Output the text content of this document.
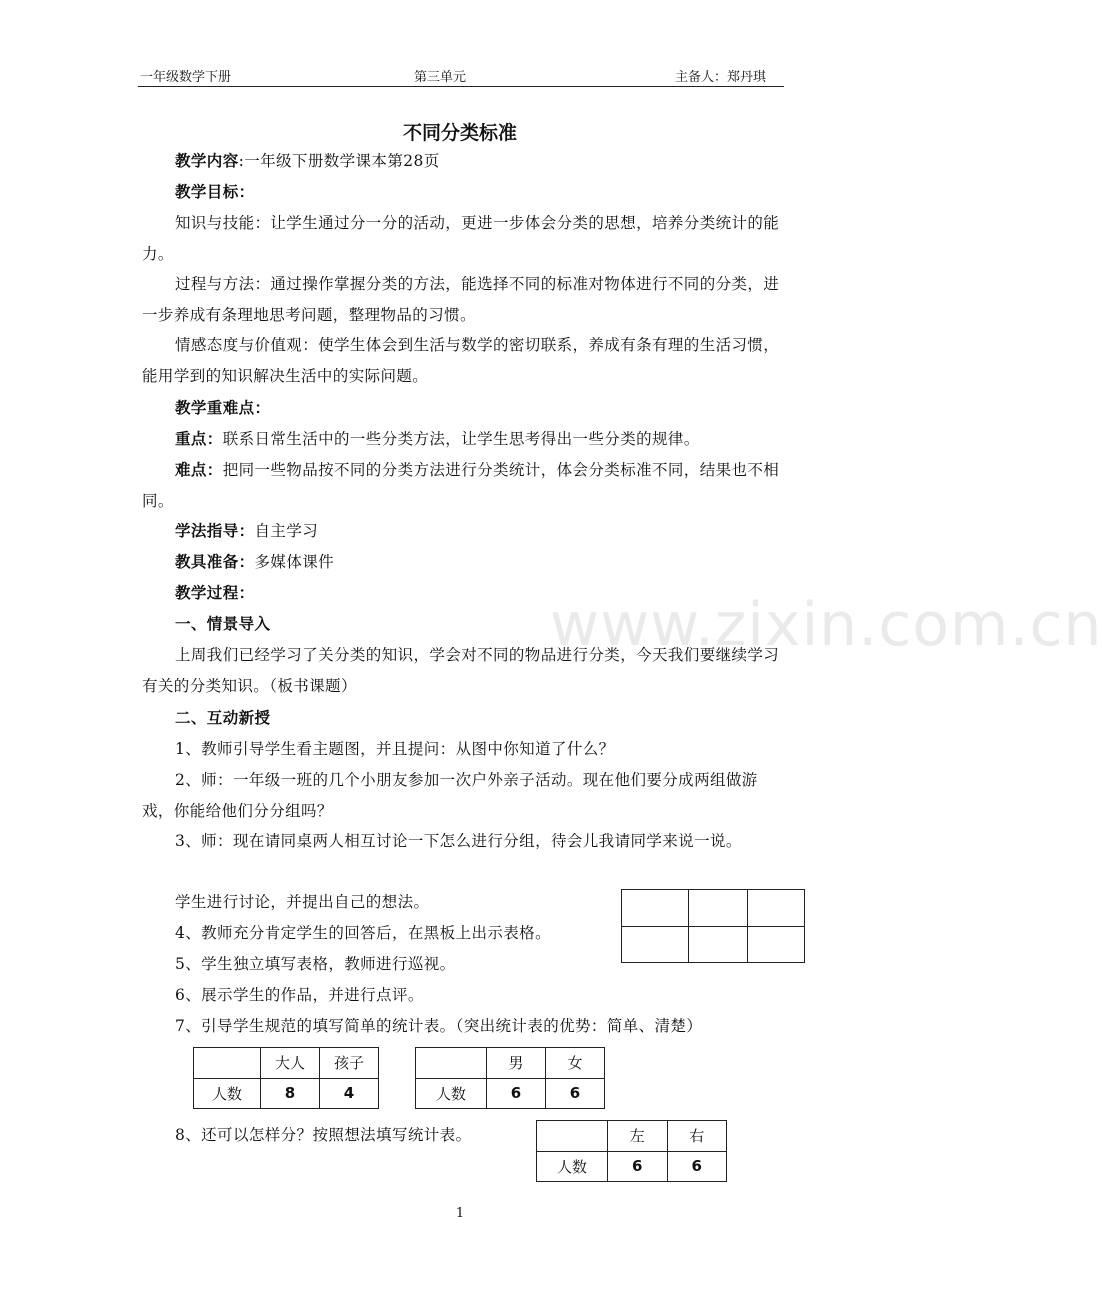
一年级数学下册	第三单元	主备人：郑丹琪
www.zixin.com.cn
不同分类标准
教学内容:一年级下册数学课本第28页
教学目标：
知识与技能：让学生通过分一分的活动，更进一步体会分类的思想，培养分类统计的能力。
过程与方法：通过操作掌握分类的方法，能选择不同的标准对物体进行不同的分类，进一步养成有条理地思考问题，整理物品的习惯。
情感态度与价值观：使学生体会到生活与数学的密切联系，养成有条有理的生活习惯，能用学到的知识解决生活中的实际问题。
教学重难点：
重点：联系日常生活中的一些分类方法，让学生思考得出一些分类的规律。
难点：把同一些物品按不同的分类方法进行分类统计，体会分类标准不同，结果也不相同。
学法指导：自主学习
教具准备：多媒体课件
教学过程：
一、情景导入
上周我们已经学习了关分类的知识，学会对不同的物品进行分类，今天我们要继续学习有关的分类知识。（板书课题）
二、互动新授
1、教师引导学生看主题图，并且提问：从图中你知道了什么？
2、师：一年级一班的几个小朋友参加一次户外亲子活动。现在他们要分成两组做游戏，你能给他们分分组吗？
3、师：现在请同桌两人相互讨论一下怎么进行分组，待会儿我请同学来说一说。
学生进行讨论，并提出自己的想法。
4、教师充分肯定学生的回答后，在黑板上出示表格。
5、学生独立填写表格，教师进行巡视。
6、展示学生的作品，并进行点评。
7、引导学生规范的填写简单的统计表。（突出统计表的优势：简单、清楚）
8、还可以怎样分？按照想法填写统计表。

	大人	孩子
人数	8	4
	男	女
人数	6	6
	左	右
人数	6	6
1
